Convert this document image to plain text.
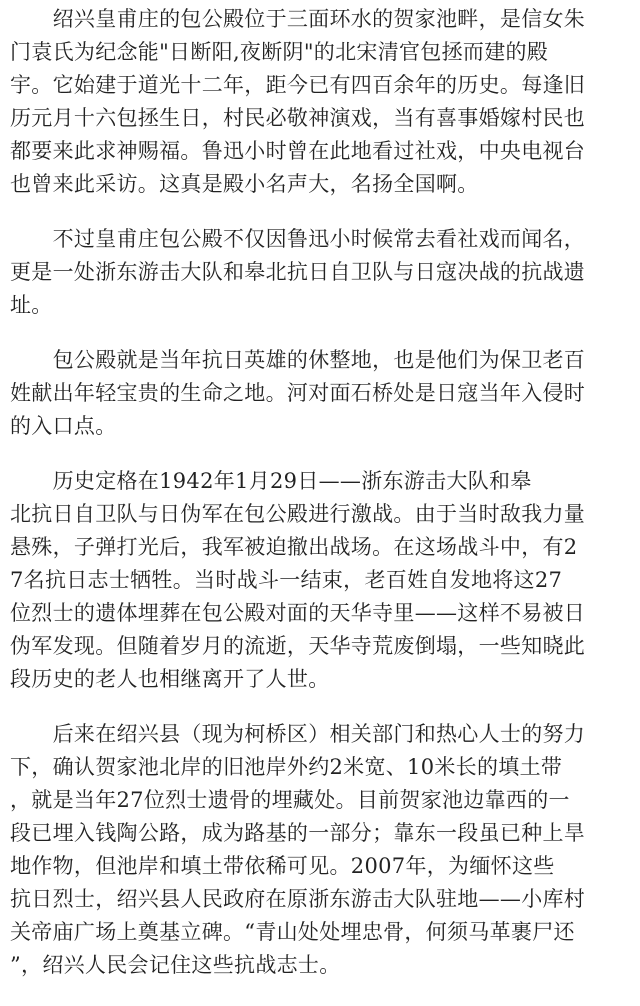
　　绍兴皇甫庄的包公殿位于三面环水的贺家池畔，是信女朱
门袁氏为纪念能"日断阳,夜断阴"的北宋清官包拯而建的殿
宇。它始建于道光十二年，距今已有四百余年的历史。每逢旧
历元月十六包拯生日，村民必敬神演戏，当有喜事婚嫁村民也
都要来此求神赐福。鲁迅小时曾在此地看过社戏，中央电视台
也曾来此采访。这真是殿小名声大，名扬全国啊。
　　不过皇甫庄包公殿不仅因鲁迅小时候常去看社戏而闻名，
更是一处浙东游击大队和皋北抗日自卫队与日寇决战的抗战遗
址。
　　包公殿就是当年抗日英雄的休整地，也是他们为保卫老百
姓献出年轻宝贵的生命之地。河对面石桥处是日寇当年入侵时
的入口点。
　　历史定格在1942年1月29日——浙东游击大队和皋
北抗日自卫队与日伪军在包公殿进行激战。由于当时敌我力量
悬殊，子弹打光后，我军被迫撤出战场。在这场战斗中，有2
7名抗日志士牺牲。当时战斗一结束，老百姓自发地将这27
位烈士的遗体埋葬在包公殿对面的天华寺里——这样不易被日
伪军发现。但随着岁月的流逝，天华寺荒废倒塌，一些知晓此
段历史的老人也相继离开了人世。
　　后来在绍兴县（现为柯桥区）相关部门和热心人士的努力
下，确认贺家池北岸的旧池岸外约2米宽、10米长的填土带
，就是当年27位烈士遗骨的埋藏处。目前贺家池边靠西的一
段已埋入钱陶公路，成为路基的一部分；靠东一段虽已种上旱
地作物，但池岸和填土带依稀可见。2007年，为缅怀这些
抗日烈士，绍兴县人民政府在原浙东游击大队驻地——小库村
关帝庙广场上奠基立碑。“青山处处埋忠骨，何须马革裹尸还
”，绍兴人民会记住这些抗战志士。
